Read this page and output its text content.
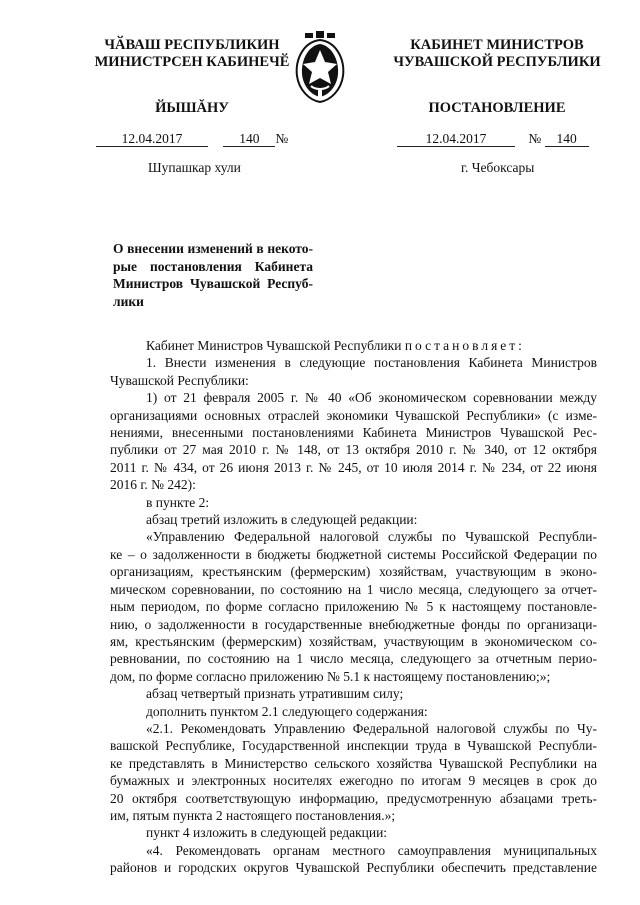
ЧӐВАШ РЕСПУБЛИКИН
МИНИСТРСЕН КАБИНЕЧӖ
ЙЫШĂНУ
КАБИНЕТ МИНИСТРОВ
ЧУВАШСКОЙ РЕСПУБЛИКИ
ПОСТАНОВЛЕНИЕ
12.04.2017	140 №	12.04.2017	№ 140
Шупашкар хули	г. Чебоксары
О внесении изменений в некото-
рые постановления Кабинета
Министров Чувашской Респуб-
лики
Кабинет Министров Чувашской Республики постановляет:
1. Внести изменения в следующие постановления Кабинета Министров
Чувашской Республики:
1) от 21 февраля 2005 г. № 40 «Об экономическом соревновании между
организациями основных отраслей экономики Чувашской Республики» (с изме-
нениями, внесенными постановлениями Кабинета Министров Чувашской Рес-
публики от 27 мая 2010 г. № 148, от 13 октября 2010 г. № 340, от 12 октября
2011 г. № 434, от 26 июня 2013 г. № 245, от 10 июля 2014 г. № 234, от 22 июня
2016 г. № 242):
в пункте 2:
абзац третий изложить в следующей редакции:
«Управлению Федеральной налоговой службы по Чувашской Республи-
ке – о задолженности в бюджеты бюджетной системы Российской Федерации по
организациям, крестьянским (фермерским) хозяйствам, участвующим в эконо-
мическом соревновании, по состоянию на 1 число месяца, следующего за отчет-
ным периодом, по форме согласно приложению № 5 к настоящему постановле-
нию, о задолженности в государственные внебюджетные фонды по организаци-
ям, крестьянским (фермерским) хозяйствам, участвующим в экономическом со-
ревновании, по состоянию на 1 число месяца, следующего за отчетным перио-
дом, по форме согласно приложению № 5.1 к настоящему постановлению;»;
абзац четвертый признать утратившим силу;
дополнить пунктом 2.1 следующего содержания:
«2.1. Рекомендовать Управлению Федеральной налоговой службы по Чу-
вашской Республике, Государственной инспекции труда в Чувашской Республи-
ке представлять в Министерство сельского хозяйства Чувашской Республики на
бумажных и электронных носителях ежегодно по итогам 9 месяцев в срок до
20 октября соответствующую информацию, предусмотренную абзацами треть-
им, пятым пункта 2 настоящего постановления.»;
пункт 4 изложить в следующей редакции:
«4. Рекомендовать органам местного самоуправления муниципальных
районов и городских округов Чувашской Республики обеспечить представление
